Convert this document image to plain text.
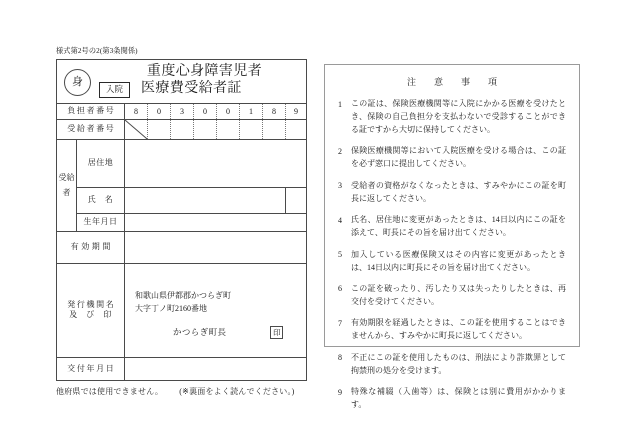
様式第2号の2(第3条関係)
身
重度心身障害児者
入院 医療費受給者証									

負担者番号		8	0	3	0	0	1	8	9
受給者番号	

受給者	居住地								
	氏　名								
	生年月日								
有効期間									

発行機関名
及　び　印

和歌山県伊都郡かつらぎ町
大字丁ノ町2160番地
かつらぎ町長	印

交付年月日									
他府県では使用できません。 (※裏面をよく読んでください。)
注　意　事　項
1	この証は、保険医療機関等に入院にかかる医療を受けたとき、保険の自己負担分を支払わないで受診することができる証ですから大切に保持してください。
2	保険医療機関等において入院医療を受ける場合は、この証を必ず窓口に提出してください。
3	受給者の資格がなくなったときは、すみやかにこの証を町長に返してください。
4	氏名、居住地に変更があったときは、14日以内にこの証を添えて、町長にその旨を届け出てください。
5	加入している医療保険又はその内容に変更があったときは、14日以内に町長にその旨を届け出てください。
6	この証を破ったり、汚したり又は失ったりしたときは、再交付を受けてください。
7	有効期限を経過したときは、この証を使用することはできませんから、すみやかに町長に返してください。
8	不正にこの証を使用したものは、刑法により詐欺罪として拘禁刑の処分を受けます。
9	特殊な補綴（入歯等）は、保険とは別に費用がかかります。
